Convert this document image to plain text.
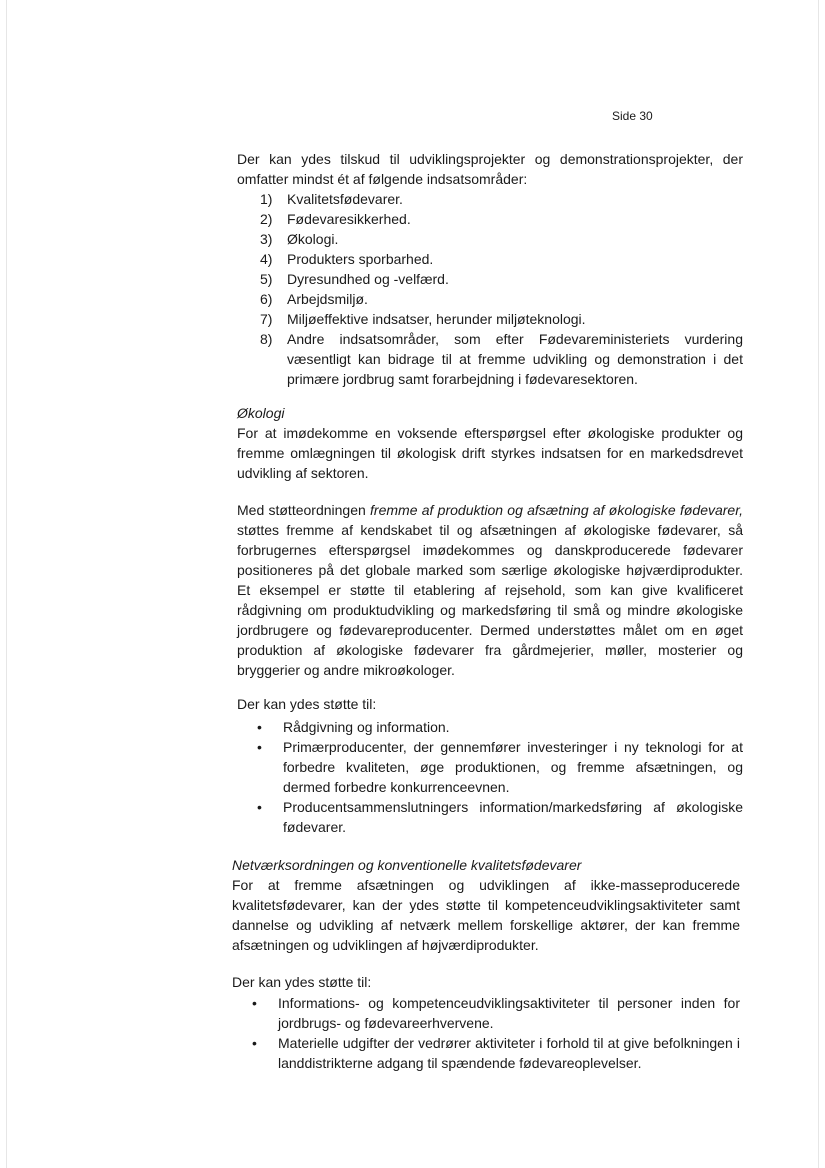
Side 30
Der kan ydes tilskud til udviklingsprojekter og demonstrationsprojekter, der omfatter mindst ét af følgende indsatsområder:
1) Kvalitetsfødevarer.
2) Fødevaresikkerhed.
3) Økologi.
4) Produkters sporbarhed.
5) Dyresundhed og -velfærd.
6) Arbejdsmiljø.
7) Miljøeffektive indsatser, herunder miljøteknologi.
8) Andre indsatsområder, som efter Fødevareministeriets vurdering væsentligt kan bidrage til at fremme udvikling og demonstration i det primære jordbrug samt forarbejdning i fødevaresektoren.
Økologi
For at imødekomme en voksende efterspørgsel efter økologiske produkter og fremme omlægningen til økologisk drift styrkes indsatsen for en markedsdrevet udvikling af sektoren.
Med støtteordningen fremme af produktion og afsætning af økologiske fødevarer, støttes fremme af kendskabet til og afsætningen af økologiske fødevarer, så forbrugernes efterspørgsel imødekommes og danskproducerede fødevarer positioneres på det globale marked som særlige økologiske højværdiprodukter. Et eksempel er støtte til etablering af rejsehold, som kan give kvalificeret rådgivning om produktudvikling og markedsføring til små og mindre økologiske jordbrugere og fødevareproducenter. Dermed understøttes målet om en øget produktion af økologiske fødevarer fra gårdmejerier, møller, mosterier og bryggerier og andre mikroøkologer.
Der kan ydes støtte til:
• Rådgivning og information.
• Primærproducenter, der gennemfører investeringer i ny teknologi for at forbedre kvaliteten, øge produktionen, og fremme afsætningen, og dermed forbedre konkurrenceevnen.
• Producentsammenslutningers information/markedsføring af økologiske fødevarer.
Netværksordningen og konventionelle kvalitetsfødevarer
For at fremme afsætningen og udviklingen af ikke-masseproducerede kvalitetsfødevarer, kan der ydes støtte til kompetenceudviklingsaktiviteter samt dannelse og udvikling af netværk mellem forskellige aktører, der kan fremme afsætningen og udviklingen af højværdiprodukter.
Der kan ydes støtte til:
• Informations- og kompetenceudviklingsaktiviteter til personer inden for jordbrugs- og fødevareerhvervene.
• Materielle udgifter der vedrører aktiviteter i forhold til at give befolkningen i landdistrikterne adgang til spændende fødevareoplevelser.
